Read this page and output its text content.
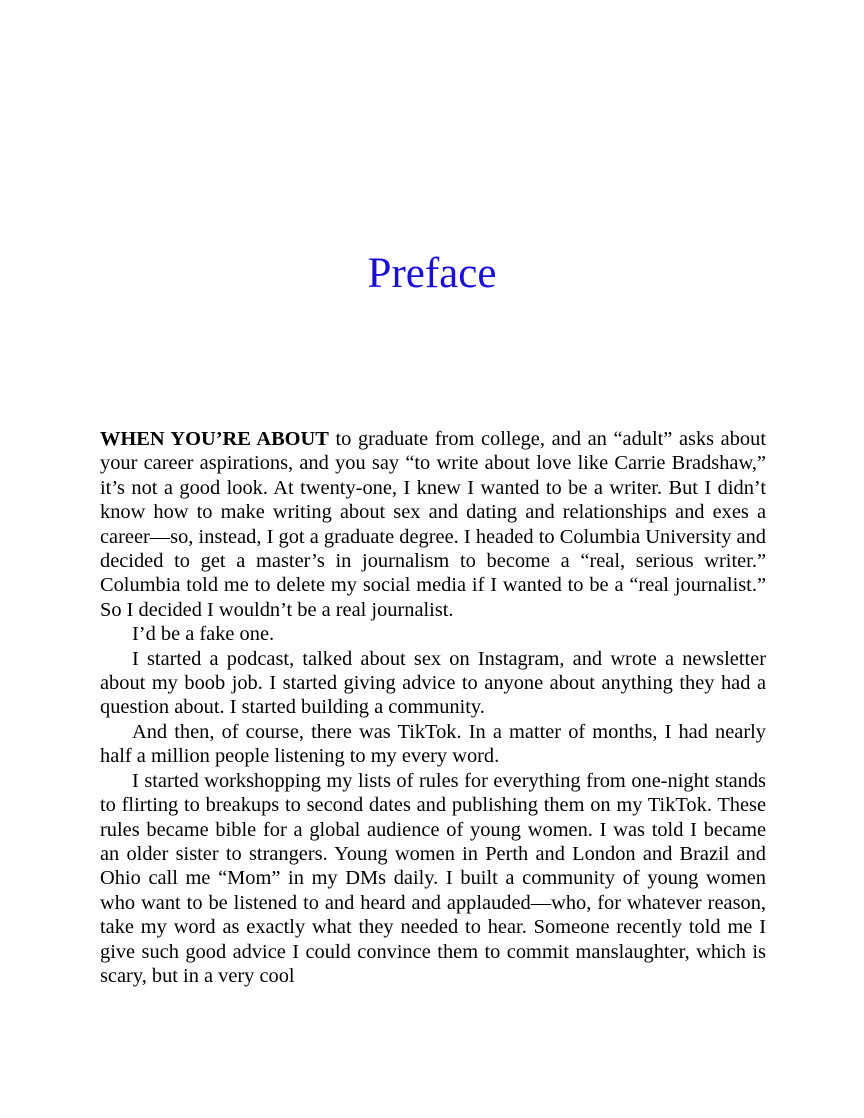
Preface

WHEN YOU’RE ABOUT to graduate from college, and an “adult” asks about your career aspirations, and you say “to write about love like Carrie Bradshaw,” it’s not a good look. At twenty-one, I knew I wanted to be a writer. But I didn’t know how to make writing about sex and dating and relationships and exes a career—so, instead, I got a graduate degree. I headed to Columbia University and decided to get a master’s in journalism to become a “real, serious writer.” Columbia told me to delete my social media if I wanted to be a “real journalist.” So I decided I wouldn’t be a real journalist.

I’d be a fake one.

I started a podcast, talked about sex on Instagram, and wrote a newsletter about my boob job. I started giving advice to anyone about anything they had a question about. I started building a community.

And then, of course, there was TikTok. In a matter of months, I had nearly half a million people listening to my every word.

I started workshopping my lists of rules for everything from one-night stands to flirting to breakups to second dates and publishing them on my TikTok. These rules became bible for a global audience of young women. I was told I became an older sister to strangers. Young women in Perth and London and Brazil and Ohio call me “Mom” in my DMs daily. I built a community of young women who want to be listened to and heard and applauded—who, for whatever reason, take my word as exactly what they needed to hear. Someone recently told me I give such good advice I could convince them to commit manslaughter, which is scary, but in a very cool
